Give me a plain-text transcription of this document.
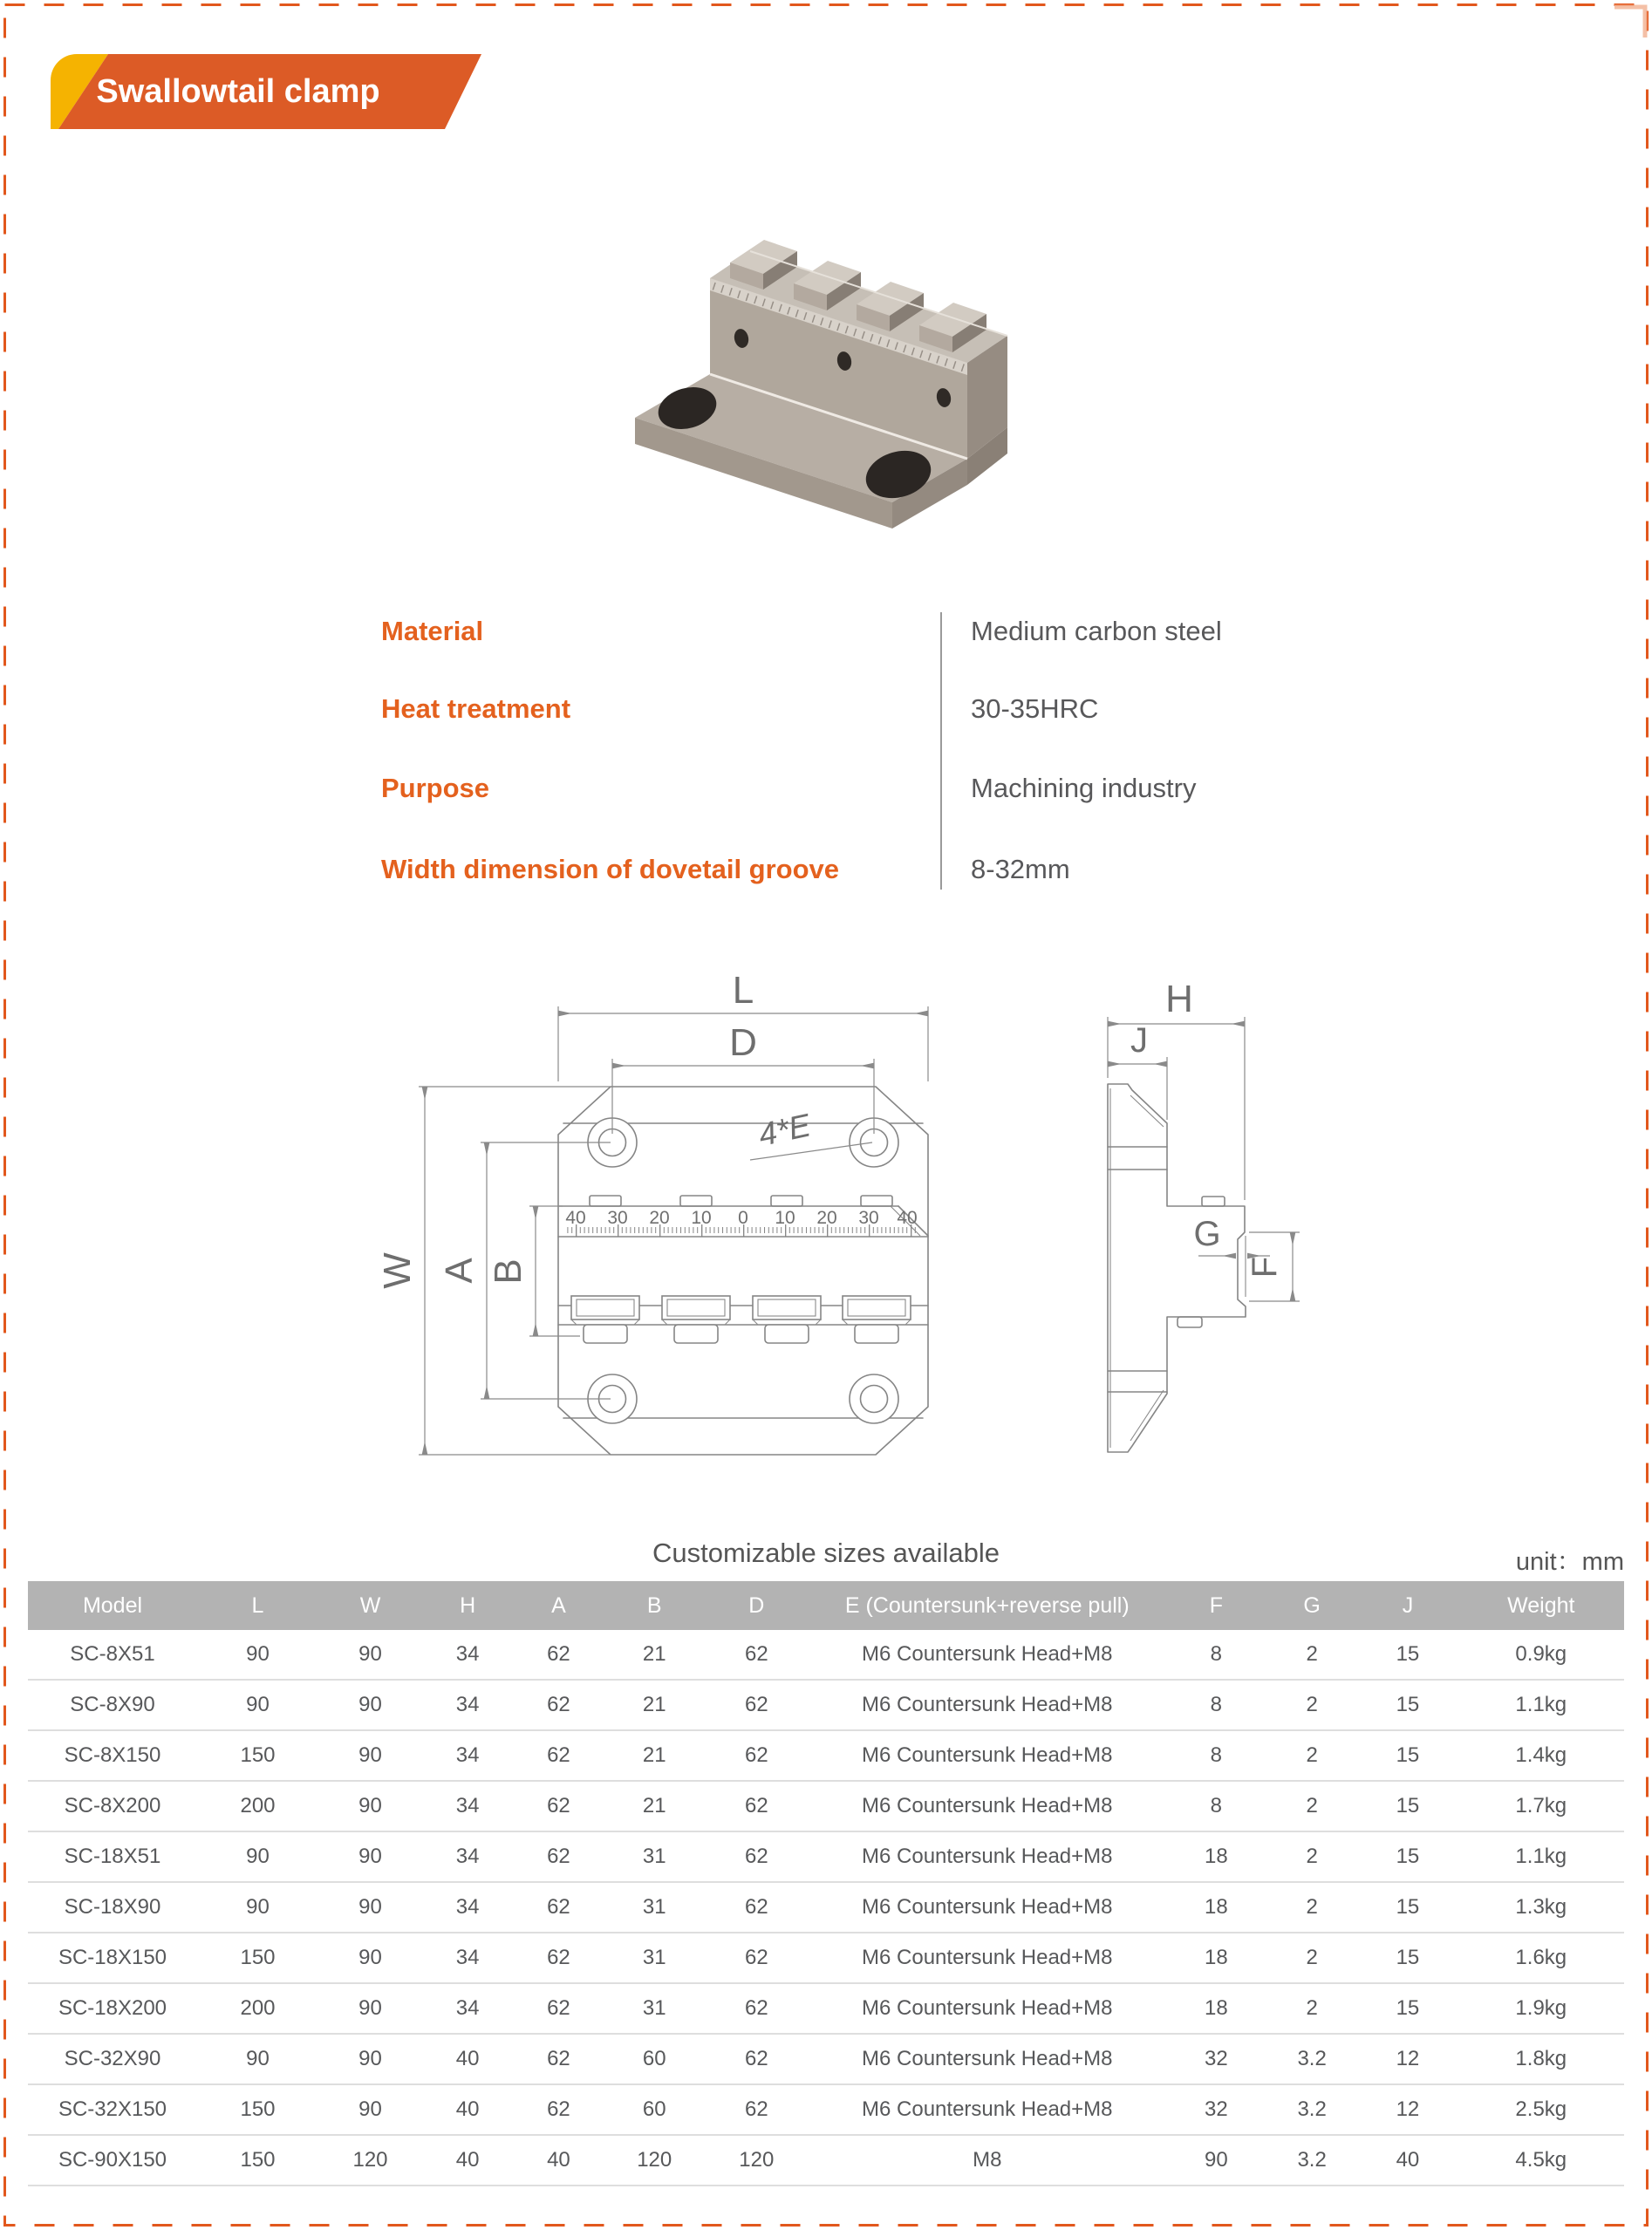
Swallowtail clamp
Material	Medium carbon steel
Heat treatment	30-35HRC
Purpose	Machining industry
Width dimension of dovetail groove	8-32mm
40 30 20 10 0 10 20 30 40
L
D
W A B
4*E
H
J
G
F
Customizable sizes available	unit：mm
Model	L	W	H	A	B	D	E (Countersunk+reverse pull)	F	G	J	Weight
SC-8X51	90	90	34	62	21	62	M6 Countersunk Head+M8	8	2	15	0.9kg
SC-8X90	90	90	34	62	21	62	M6 Countersunk Head+M8	8	2	15	1.1kg
SC-8X150	150	90	34	62	21	62	M6 Countersunk Head+M8	8	2	15	1.4kg
SC-8X200	200	90	34	62	21	62	M6 Countersunk Head+M8	8	2	15	1.7kg
SC-18X51	90	90	34	62	31	62	M6 Countersunk Head+M8	18	2	15	1.1kg
SC-18X90	90	90	34	62	31	62	M6 Countersunk Head+M8	18	2	15	1.3kg
SC-18X150	150	90	34	62	31	62	M6 Countersunk Head+M8	18	2	15	1.6kg
SC-18X200	200	90	34	62	31	62	M6 Countersunk Head+M8	18	2	15	1.9kg
SC-32X90	90	90	40	62	60	62	M6 Countersunk Head+M8	32	3.2	12	1.8kg
SC-32X150	150	90	40	62	60	62	M6 Countersunk Head+M8	32	3.2	12	2.5kg
SC-90X150	150	120	40	40	120	120	M8	90	3.2	40	4.5kg
